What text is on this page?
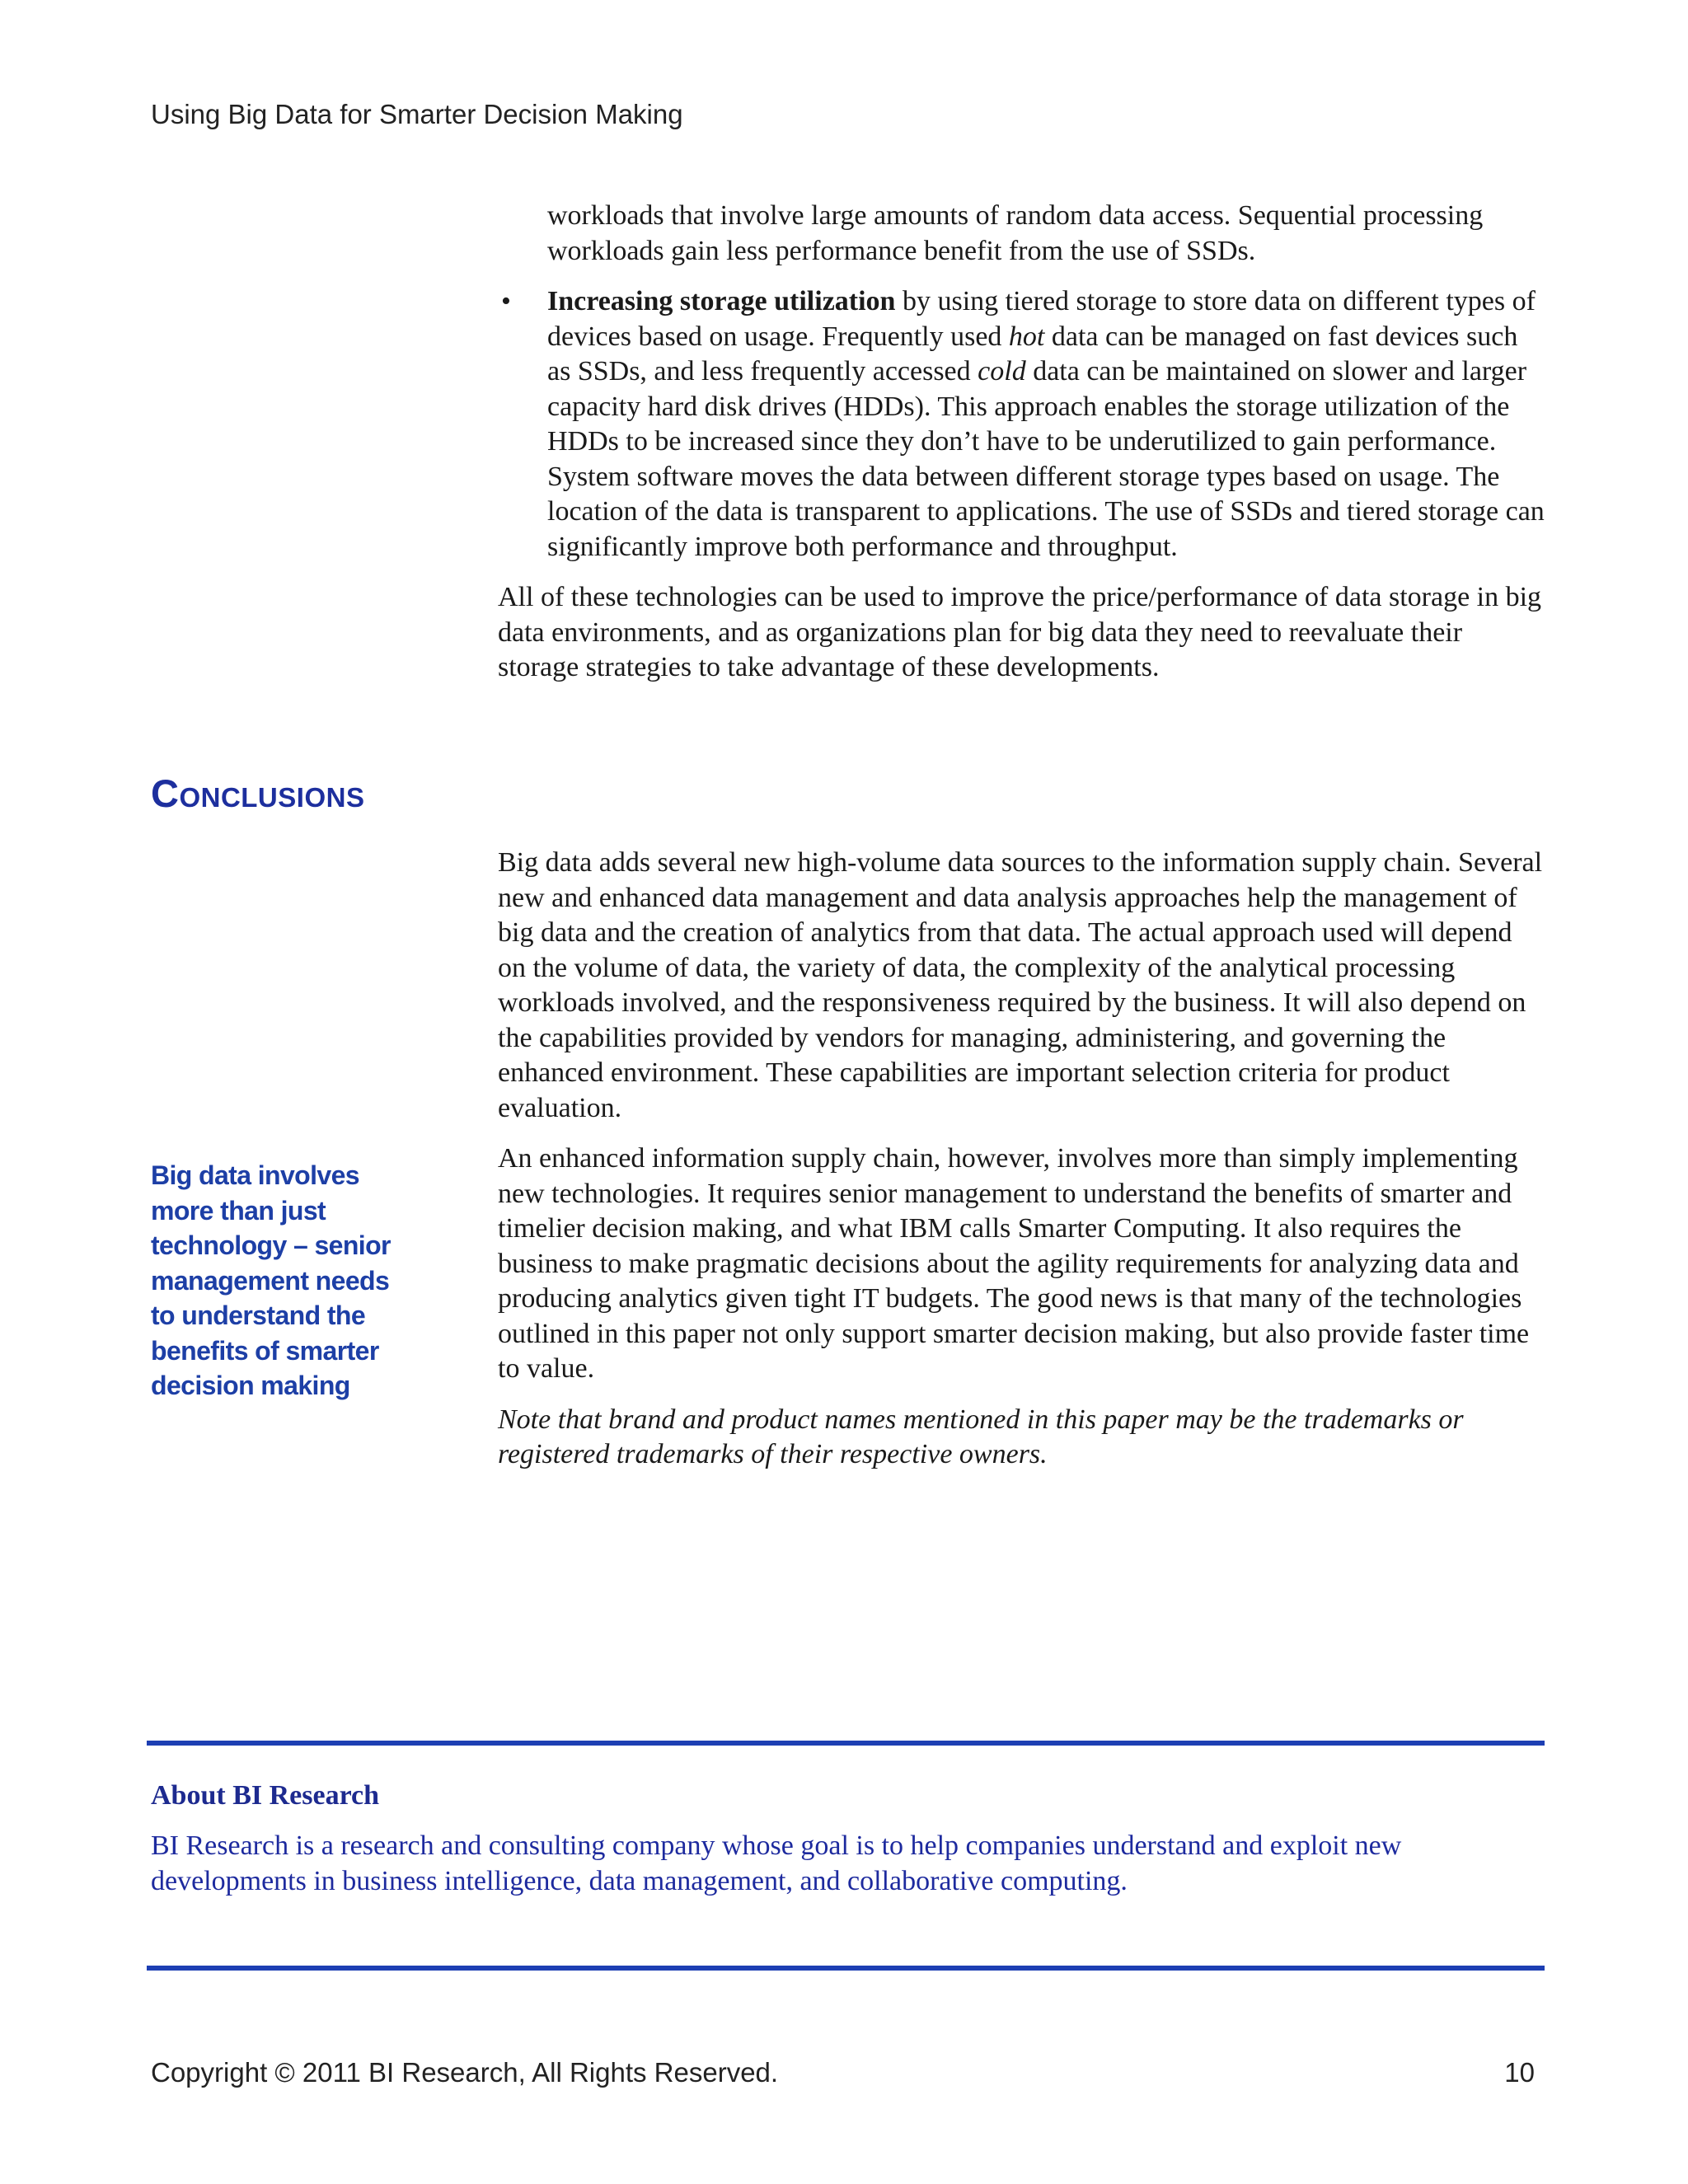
Using Big Data for Smarter Decision Making

workloads that involve large amounts of random data access. Sequential processing workloads gain less performance benefit from the use of SSDs.

• Increasing storage utilization by using tiered storage to store data on different types of devices based on usage. Frequently used hot data can be managed on fast devices such as SSDs, and less frequently accessed cold data can be maintained on slower and larger capacity hard disk drives (HDDs). This approach enables the storage utilization of the HDDs to be increased since they don’t have to be underutilized to gain performance. System software moves the data between different storage types based on usage. The location of the data is transparent to applications. The use of SSDs and tiered storage can significantly improve both performance and throughput.

All of these technologies can be used to improve the price/performance of data storage in big data environments, and as organizations plan for big data they need to reevaluate their storage strategies to take advantage of these developments.

Conclusions

Big data adds several new high-volume data sources to the information supply chain. Several new and enhanced data management and data analysis approaches help the management of big data and the creation of analytics from that data. The actual approach used will depend on the volume of data, the variety of data, the complexity of the analytical processing workloads involved, and the responsiveness required by the business. It will also depend on the capabilities provided by vendors for managing, administering, and governing the enhanced environment. These capabilities are important selection criteria for product evaluation.

An enhanced information supply chain, however, involves more than simply implementing new technologies. It requires senior management to understand the benefits of smarter and timelier decision making, and what IBM calls Smarter Computing. It also requires the business to make pragmatic decisions about the agility requirements for analyzing data and producing analytics given tight IT budgets. The good news is that many of the technologies outlined in this paper not only support smarter decision making, but also provide faster time to value.

Note that brand and product names mentioned in this paper may be the trademarks or registered trademarks of their respective owners.

Big data involves more than just technology – senior management needs to understand the benefits of smarter decision making
About BI Research
BI Research is a research and consulting company whose goal is to help companies understand and exploit new developments in business intelligence, data management, and collaborative computing.
Copyright © 2011 BI Research, All Rights Reserved.	10
